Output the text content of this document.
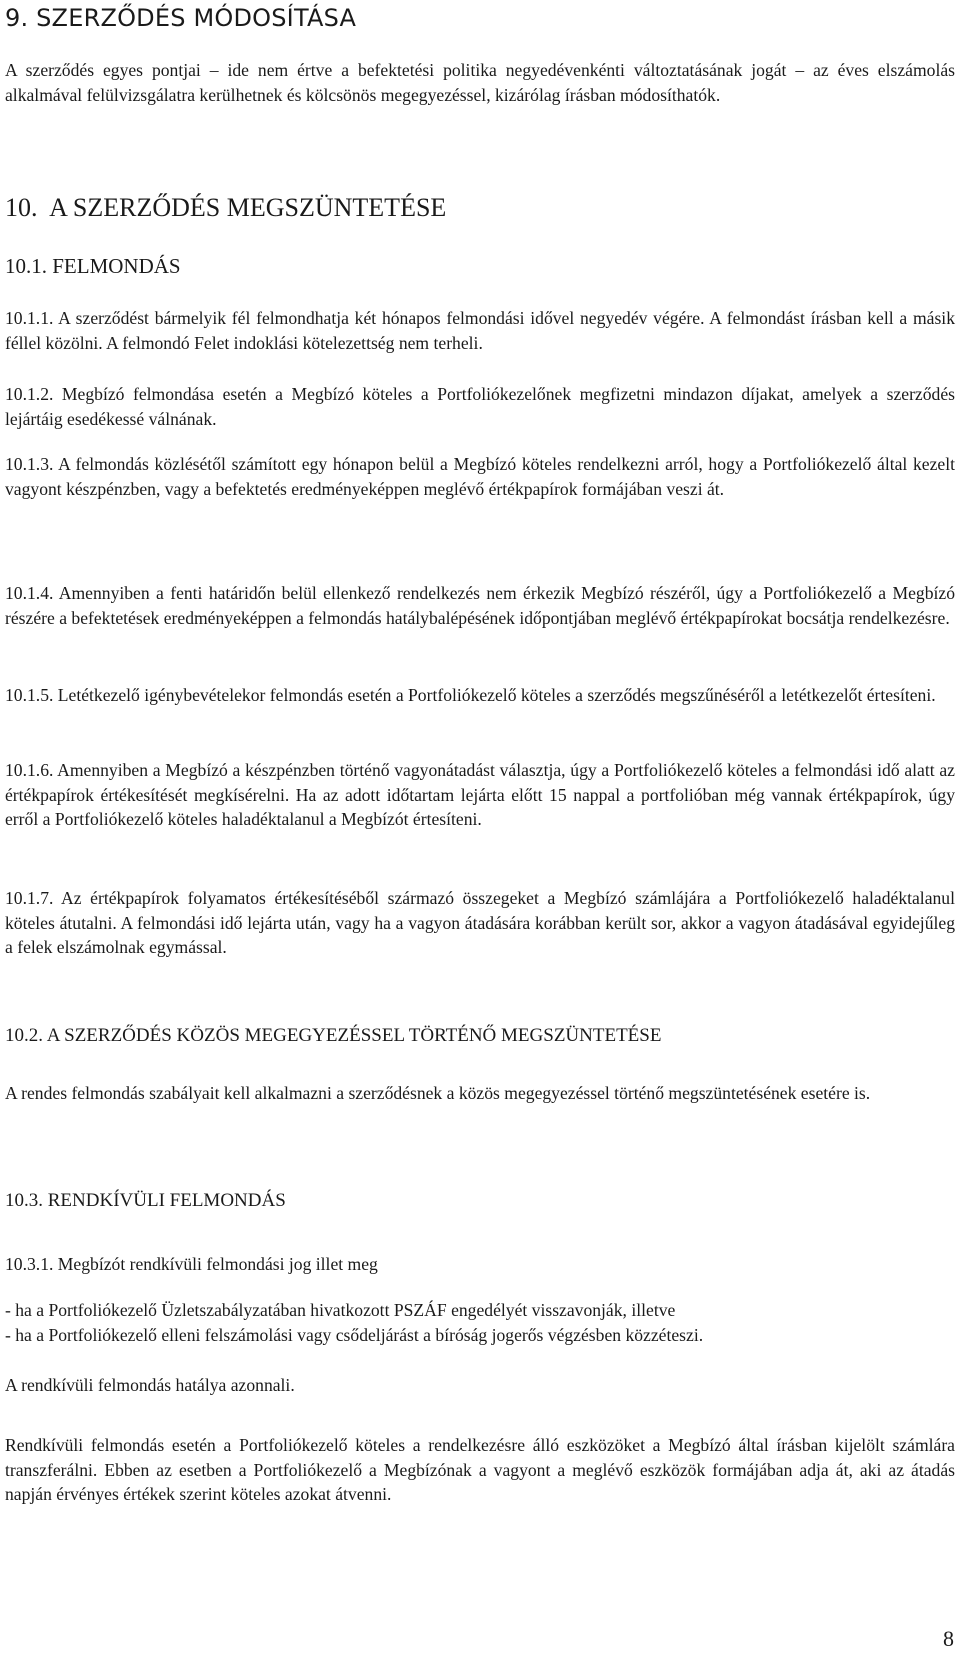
9. SZERZŐDÉS MÓDOSÍTÁSA

A szerződés egyes pontjai – ide nem értve a befektetési politika negyedévenkénti változtatásának jogát – az éves elszámolás alkalmával felülvizsgálatra kerülhetnek és kölcsönös megegyezéssel, kizárólag írásban módosíthatók.

10.  A SZERZŐDÉS MEGSZÜNTETÉSE
10.1. FELMONDÁS

10.1.1. A szerződést bármelyik fél felmondhatja két hónapos felmondási idővel negyedév végére. A felmondást írásban kell a másik féllel közölni. A felmondó Felet indoklási kötelezettség nem terheli.

10.1.2. Megbízó felmondása esetén a Megbízó köteles a Portfoliókezelőnek megfizetni mindazon díjakat, amelyek a szerződés lejártáig esedékessé válnának.

10.1.3. A felmondás közlésétől számított egy hónapon belül a Megbízó köteles rendelkezni arról, hogy a Portfoliókezelő által kezelt vagyont készpénzben, vagy a befektetés eredményeképpen meglévő értékpapírok formájában veszi át.

10.1.4. Amennyiben a fenti határidőn belül ellenkező rendelkezés nem érkezik Megbízó részéről, úgy a Portfoliókezelő a Megbízó részére a befektetések eredményeképpen a felmondás hatálybalépésének időpontjában meglévő értékpapírokat bocsátja rendelkezésre.

10.1.5. Letétkezelő igénybevételekor felmondás esetén a Portfoliókezelő köteles a szerződés megszűnéséről a letétkezelőt értesíteni.

10.1.6. Amennyiben a Megbízó a készpénzben történő vagyonátadást választja, úgy a Portfoliókezelő köteles a felmondási idő alatt az értékpapírok értékesítését megkísérelni. Ha az adott időtartam lejárta előtt 15 nappal a portfolióban még vannak értékpapírok, úgy erről a Portfoliókezelő köteles haladéktalanul a Megbízót értesíteni.

10.1.7. Az értékpapírok folyamatos értékesítéséből származó összegeket a Megbízó számlájára a Portfoliókezelő haladéktalanul köteles átutalni. A felmondási idő lejárta után, vagy ha a vagyon átadására korábban került sor, akkor a vagyon átadásával egyidejűleg a felek elszámolnak egymással.

10.2. A SZERZŐDÉS KÖZÖS MEGEGYEZÉSSEL TÖRTÉNŐ MEGSZÜNTETÉSE

A rendes felmondás szabályait kell alkalmazni a szerződésnek a közös megegyezéssel történő megszüntetésének esetére is.

10.3. RENDKÍVÜLI FELMONDÁS

10.3.1. Megbízót rendkívüli felmondási jog illet meg

- ha a Portfoliókezelő Üzletszabályzatában hivatkozott PSZÁF engedélyét visszavonják, illetve
- ha a Portfoliókezelő elleni felszámolási vagy csődeljárást a bíróság jogerős végzésben közzéteszi.

A rendkívüli felmondás hatálya azonnali.

Rendkívüli felmondás esetén a Portfoliókezelő köteles a rendelkezésre álló eszközöket a Megbízó által írásban kijelölt számlára transzferálni. Ebben az esetben a Portfoliókezelő a Megbízónak a vagyont a meglévő eszközök formájában adja át, aki az átadás napján érvényes értékek szerint köteles azokat átvenni.

8
